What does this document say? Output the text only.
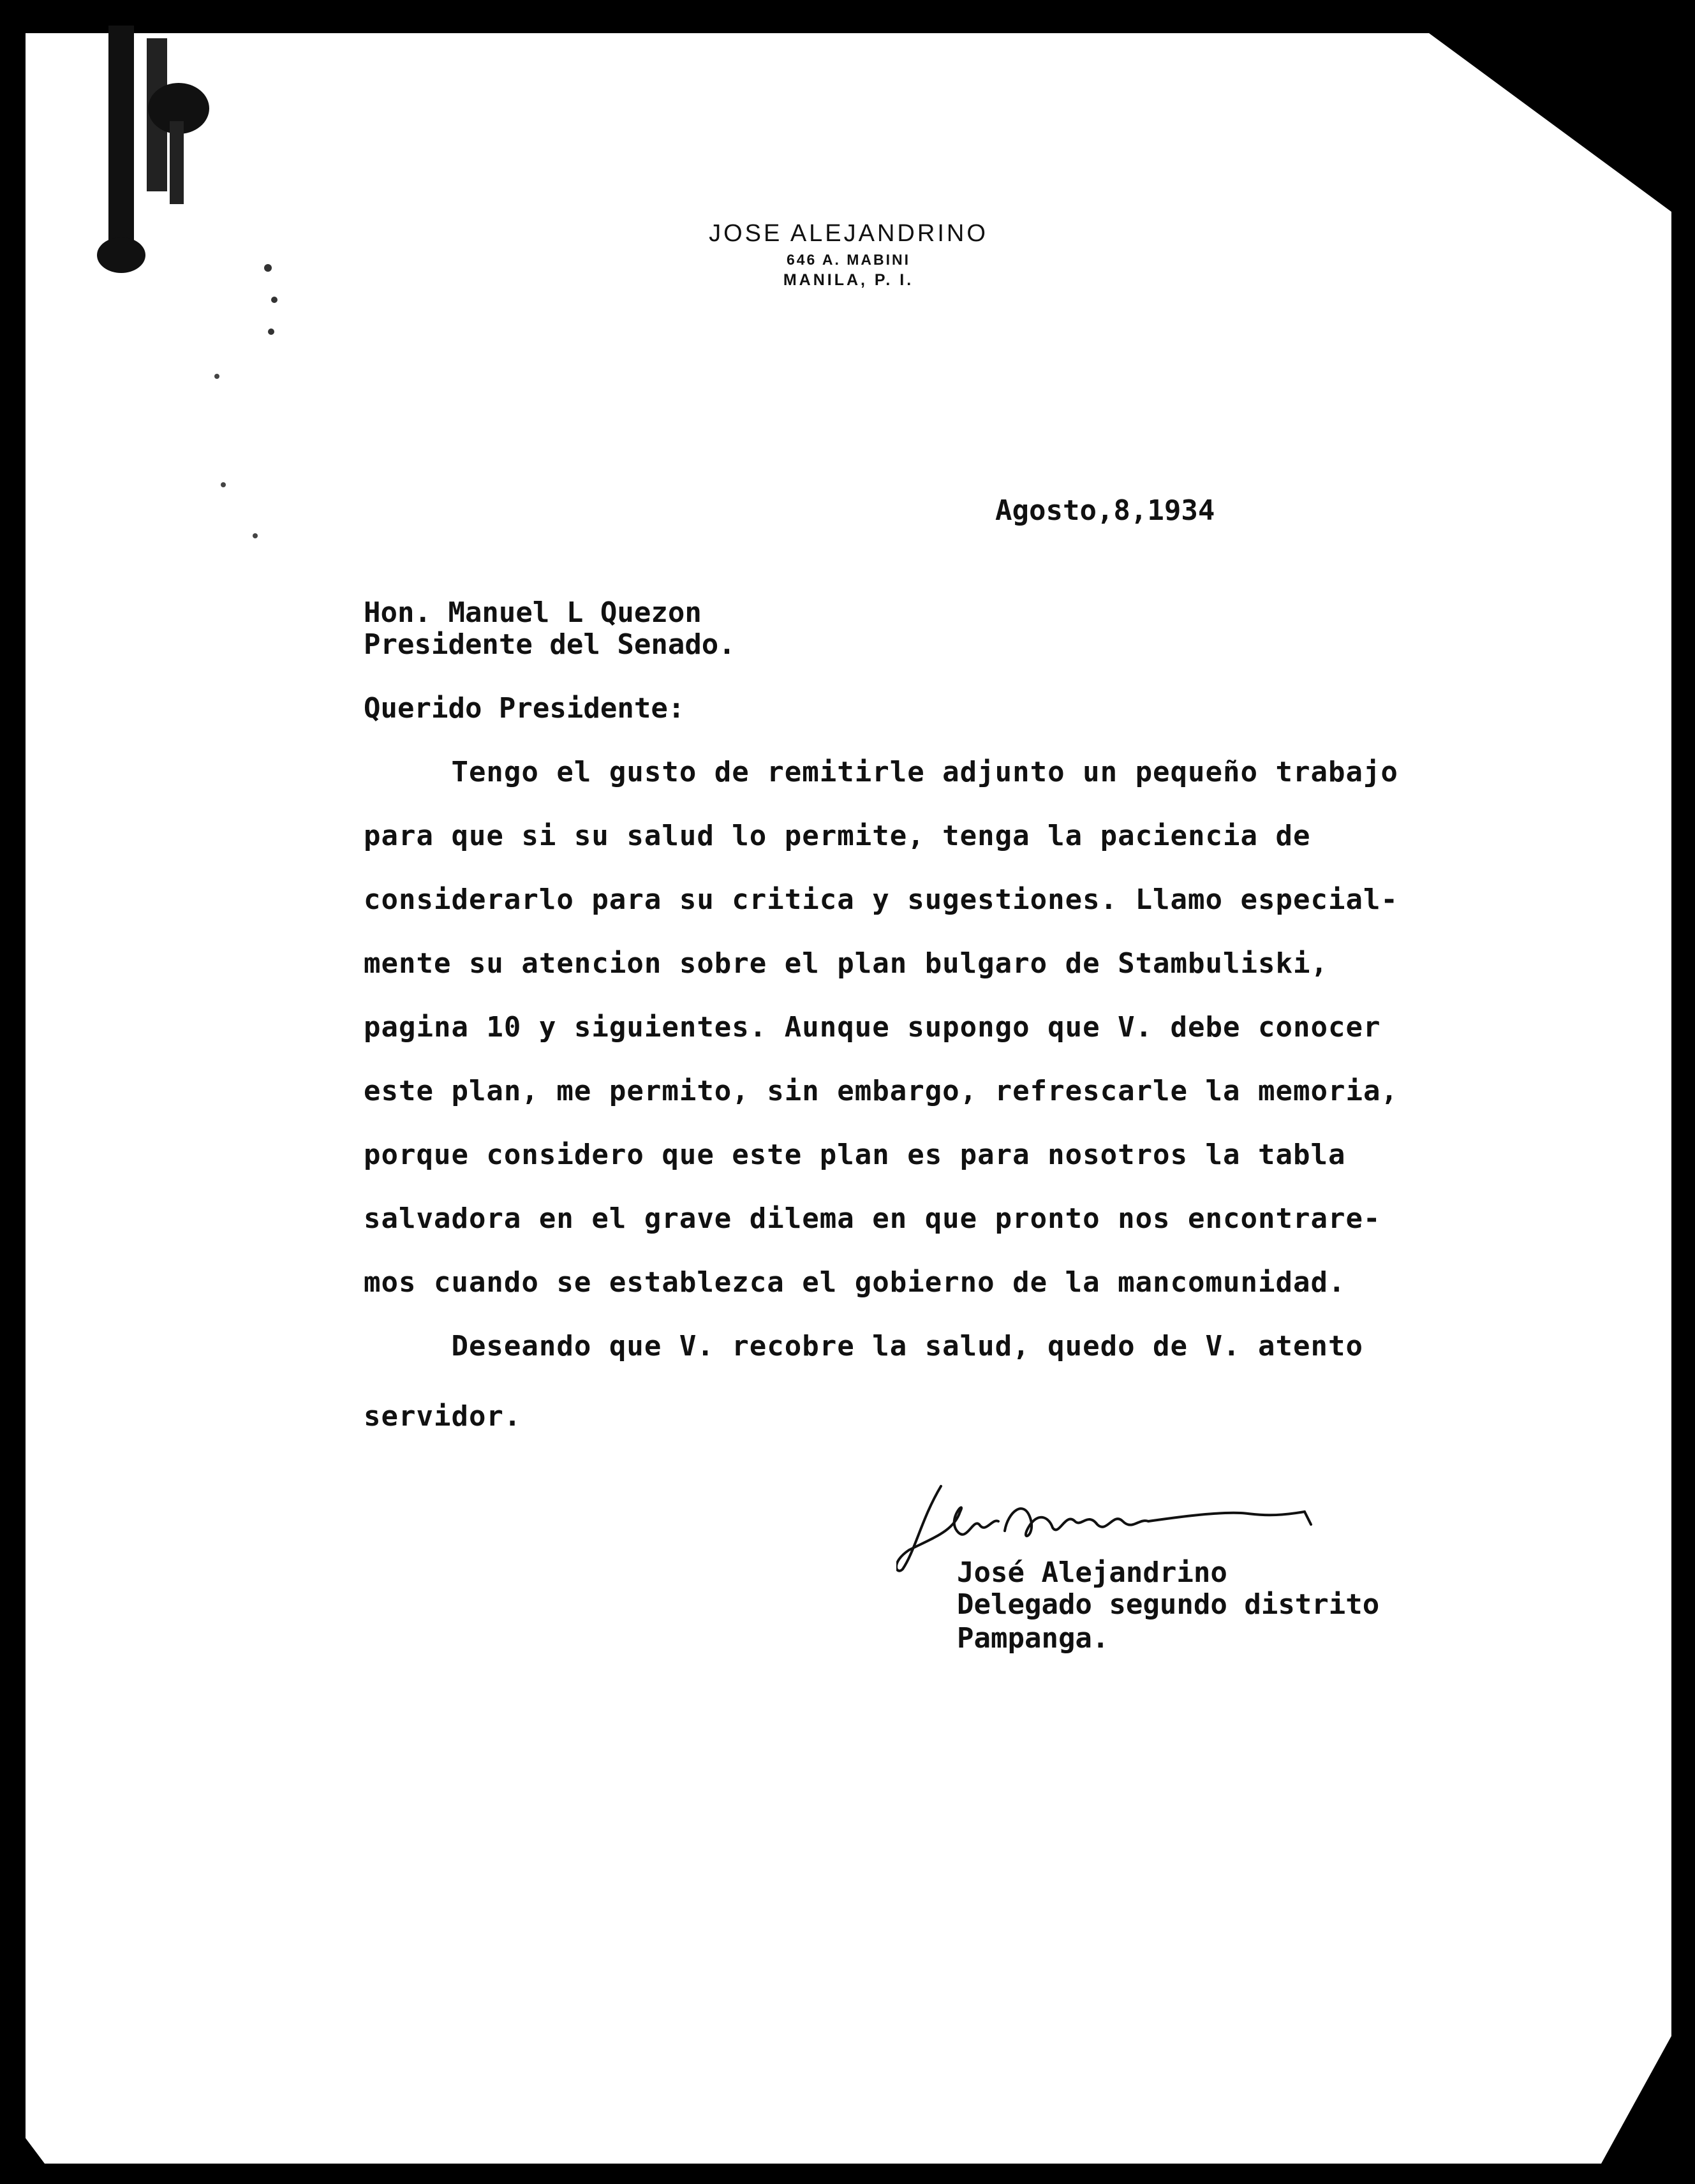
JOSE ALEJANDRINO
646 A. MABINI
MANILA, P. I.
Agosto,8,1934
Hon. Manuel L Quezon
Presidente del Senado.
Querido Presidente:
Tengo el gusto de remitirle adjunto un pequeño trabajo
para que si su salud lo permite, tenga la paciencia de
considerarlo para su critica y sugestiones. Llamo especial-
mente su atencion sobre el plan bulgaro de Stambuliski,
pagina 10 y siguientes. Aunque supongo que V. debe conocer
este plan, me permito, sin embargo, refrescarle la memoria,
porque considero que este plan es para nosotros la tabla
salvadora en el grave dilema en que pronto nos encontrare-
mos cuando se establezca el gobierno de la mancomunidad.
Deseando que V. recobre la salud, quedo de V. atento
servidor.
José Alejandrino
Delegado segundo distrito
Pampanga.
